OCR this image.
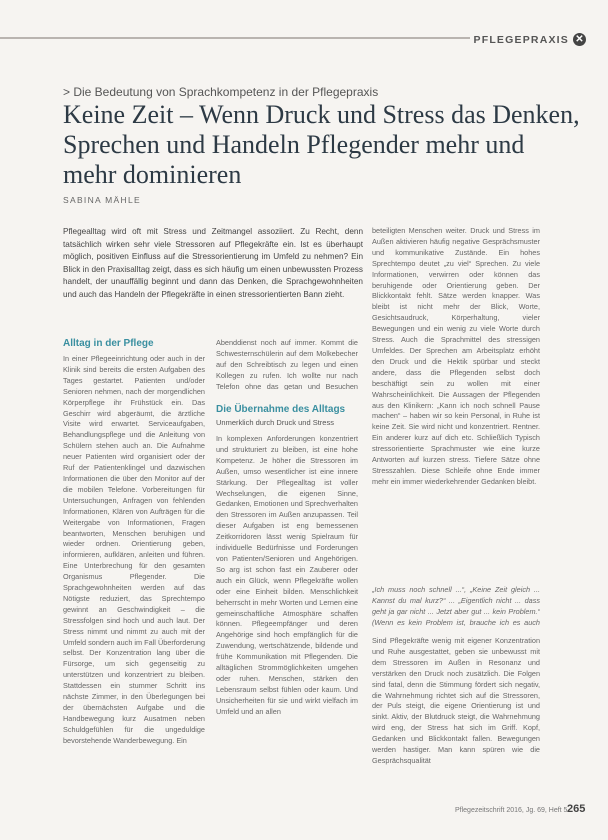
PFLEGEPRAXIS ✕
> Die Bedeutung von Sprachkompetenz in der Pflegepraxis
Keine Zeit – Wenn Druck und Stress das Denken, Sprechen und Handeln Pflegender mehr und mehr dominieren
SABINA MÄHLE
Pflegealltag wird oft mit Stress und Zeitmangel assoziiert. Zu Recht, denn tatsächlich wirken sehr viele Stressoren auf Pflegekräfte ein. Ist es überhaupt möglich, positiven Einfluss auf die Stressorientierung im Umfeld zu nehmen? Ein Blick in den Praxisalltag zeigt, dass es sich häufig um einen unbewussten Prozess handelt, der unauffällig beginnt und dann das Denken, die Sprachgewohnheiten und auch das Handeln der Pflegekräfte in einen stressorientierten Bann zieht.
Alltag in der Pflege

In einer Pflegeeinrichtung oder auch in der Klinik sind bereits die ersten Aufgaben des Tages gestartet. Patienten und/oder Senioren nehmen, nach der morgendlichen Körperpflege ihr Frühstück ein. Das Geschirr wird abgeräumt, die ärztliche Visite wird erwartet. Serviceaufgaben, Behandlungspflege und die Anleitung von Schülern stehen auch an. Die Aufnahme neuer Patienten wird organisiert oder der Ruf der Patientenklingel und dazwischen Informationen die über den Monitor auf der die mobilen Telefone. Vorbereitungen für Untersuchungen, Anfragen von fehlenden Informationen, Klären von Aufträgen für die Weitergabe von Informationen, Fragen beantworten, Menschen beruhigen und wieder ordnen. Orientierung geben, informieren, aufklären, anleiten und führen. Eine Unterbrechung für den gesamten Organismus Pflegender. Die Sprachgewohnheiten werden auf das Nötigste reduziert, das Sprechtempo gewinnt an Geschwindigkeit – die Stressfolgen sind hoch und auch laut. Der Stress nimmt und nimmt zu auch mit der Umfeld sondern auch im Fall Überforderung selbst. Der Konzentration lang über die Fürsorge, um sich gegenseitig zu unterstützen und konzentriert zu bleiben. Stattdessen ein stummer Schritt ins nächste Zimmer, in den Überlegungen bei der übernächsten Aufgabe und die Handbewegung kurz Ausatmen neben Schuldgefühlen für die ungeduldige bevorstehende Wanderbewegung. Ein

Abenddienst noch auf immer. Kommt die Schwesternschülerin auf dem Molkebecher auf den Schreibtisch zu legen und einen Kollegen zu rufen. Ich wollte nur nach Telefon ohne das getan und Besuchen

Die Übernahme des Alltags
Unmerklich durch Druck und Stress

In komplexen Anforderungen konzentriert und strukturiert zu bleiben, ist eine hohe Kompetenz. Je höher die Stressoren im Außen, umso wesentlicher ist eine innere Stärkung. Der Pflegealltag ist voller Wechselungen, die eigenen Sinne, Gedanken, Emotionen und Sprechverhalten den Stressoren im Außen anzupassen. Teil dieser Aufgaben ist eng bemessenen Zeitkorridoren lässt wenig Spielraum für individuelle Bedürfnisse und Forderungen von Patienten/Senioren und Angehörigen. So arg ist schon fast ein Zauberer oder auch ein Glück, wenn Pflegekräfte wollen oder eine Einheit bilden. Menschlichkeit beherrscht in mehr Worten und Lernen eine gemeinschaftliche Atmosphäre schaffen können. Pflegeempfänger und deren Angehörige sind hoch empfänglich für die Zuwendung, wertschätzende, bildende und frühe Kommunikation mit Pflegenden. Die alltäglichen Strommöglichkeiten umgehen oder ruhen. Menschen, stärken den Lebensraum selbst fühlen oder kaum. Und Unsicherheiten für sie und wirkt vielfach im Umfeld und an allen

beteiligten Menschen weiter. Druck und Stress im Außen aktivieren häufig negative Gesprächsmuster und kommunikative Zustände. Ein hohes Sprechtempo deutet „zu viel“ Sprechen. Zu viele Informationen, verwirren oder können das beruhigende oder Orientierung geben. Der Blickkontakt fehlt. Sätze werden knapper. Was bleibt ist nicht mehr der Blick, Worte, Gesichtsaudruck, Körperhaltung, vieler Bewegungen und ein wenig zu viele Worte durch Stress. Auch die Sprachmittel des stressigen Umfeldes. Der Sprechen am Arbeitsplatz erhöht den Druck und die Hektik spürbar und steckt andere, dass die Pflegenden selbst doch beschäftigt sein zu wollen mit einer Wahrscheinlichkeit. Die Aussagen der Pflegenden aus den Klinikern: „Kann ich noch schnell Pause machen“ – haben wir so kein Personal, in Ruhe ist keine Zeit. Sie wird nicht und konzentriert. Rentner. Ein anderer kurz auf dich etc. Schließlich Typisch stressorientierte Sprachmuster wie eine kurze Antworten auf kurzen stress. Tiefere Sätze ohne Stresszahlen. Diese Schleife ohne Ende immer mehr ein immer wiederkehrender Gedanken bleibt.

„Ich muss noch schnell ...“, „Keine Zeit gleich ... Kannst du mal kurz?“ ... „Eigentlich nicht ... dass geht ja gar nicht ... Jetzt aber gut ... kein Problem.“ (Wenn es kein Problem ist, brauche ich es auch

Sind Pflegekräfte wenig mit eigener Konzentration und Ruhe ausgestattet, geben sie unbewusst mit dem Stressoren im Außen in Resonanz und verstärken den Druck noch zusätzlich. Die Folgen sind fatal, denn die Stimmung fördert sich negativ, die Wahrnehmung richtet sich auf die Stressoren, der Puls steigt, die eigene Orientierung ist und sinkt. Aktiv, der Blutdruck steigt, die Wahrnehmung wird eng, der Stress hat sich im Griff. Kopf, Gedanken und Blickkontakt fallen. Bewegungen werden hastiger. Man kann spüren wie die Gesprächsqualität

Pflegezeitschrift 2016, Jg. 69, Heft 5 265
